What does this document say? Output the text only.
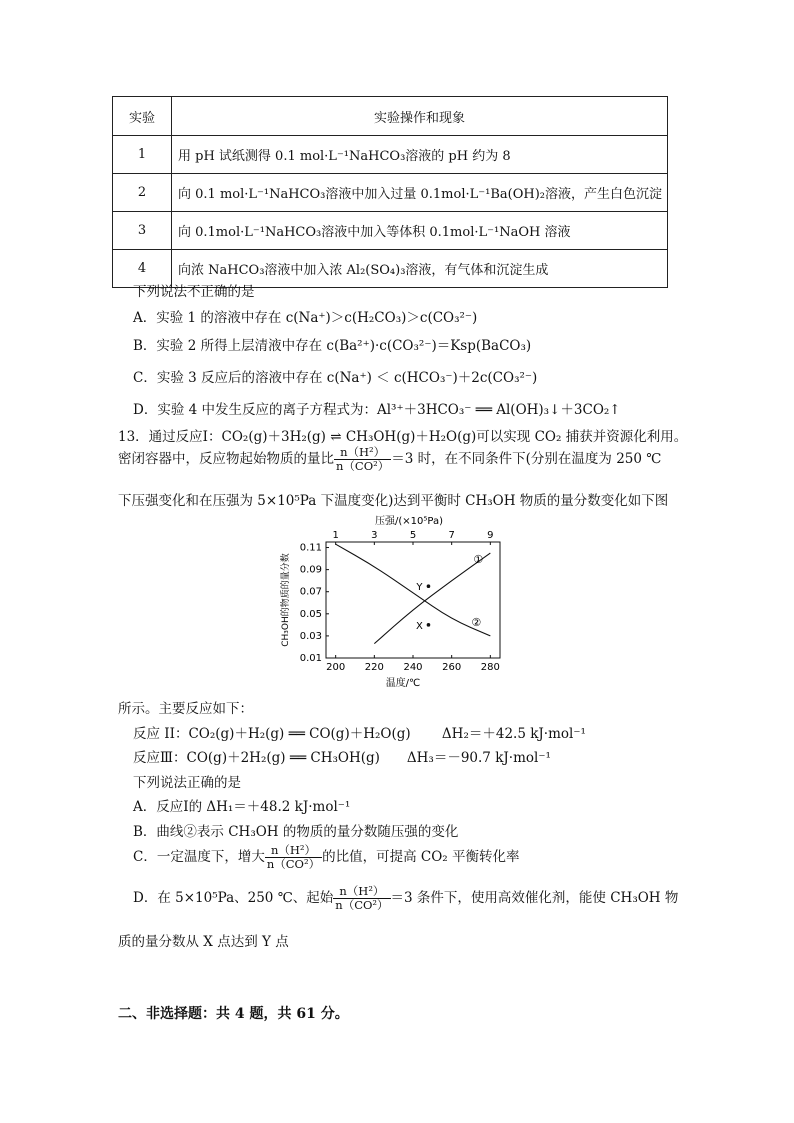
实验	实验操作和现象
1	用 pH 试纸测得 0.1 mol·L⁻¹NaHCO₃溶液的 pH 约为 8
2	向 0.1 mol·L⁻¹NaHCO₃溶液中加入过量 0.1mol·L⁻¹Ba(OH)₂溶液，产生白色沉淀
3	向 0.1mol·L⁻¹NaHCO₃溶液中加入等体积 0.1mol·L⁻¹NaOH 溶液
4	向浓 NaHCO₃溶液中加入浓 Al₂(SO₄)₃溶液，有气体和沉淀生成
下列说法不正确的是
A．实验 1 的溶液中存在 c(Na⁺)＞c(H₂CO₃)＞c(CO₃²⁻)
B．实验 2 所得上层清液中存在 c(Ba²⁺)·c(CO₃²⁻)＝Ksp(BaCO₃)
C．实验 3 反应后的溶液中存在 c(Na⁺) ＜ c(HCO₃⁻)＋2c(CO₃²⁻)
D．实验 4 中发生反应的离子方程式为：Al³⁺＋3HCO₃⁻ ══ Al(OH)₃↓＋3CO₂↑
13．通过反应Ⅰ：CO₂(g)＋3H₂(g) ⇌ CH₃OH(g)＋H₂O(g)可以实现 CO₂ 捕获并资源化利用。
密闭容器中，反应物起始物质的量比 $\frac{\text{n（H²）}}{\text{n（CO²）}} =3$ 时，在不同条件下(分别在温度为 250 ℃
下压强变化和在压强为 5×10⁵Pa 下温度变化)达到平衡时 CH₃OH 物质的量分数变化如下图
压强/(×10⁵Pa)
1	3	5	7	9
200 220 240 260 280
温度/℃
0.11
0.09
0.07
0.05
0.03
0.01
CH₃OH的物质的量分数	①
②
Y
X
所示。主要反应如下：
反应 II：CO₂(g)＋H₂(g) ══ CO(g)＋H₂O(g)　　 ΔH₂＝＋42.5 kJ·mol⁻¹
反应Ⅲ：CO(g)＋2H₂(g) ══ CH₃OH(g)　　ΔH₃＝－90.7 kJ·mol⁻¹
下列说法正确的是
A．反应Ⅰ的 ΔH₁＝＋48.2 kJ·mol⁻¹
B．曲线②表示 CH₃OH 的物质的量分数随压强的变化
C．一定温度下，增大 $\frac{\text{n（H²）}}{\text{n（CO²）}}$ 的比值，可提高 CO₂ 平衡转化率
D．在 5×10⁵Pa、250 ℃、起始 $\frac{\text{n（H²）}}{\text{n（CO²）}} =3$ 条件下，使用高效催化剂，能使 CH₃OH 物
质的量分数从 X 点达到 Y 点
二、非选择题：共 4 题，共 61 分。
